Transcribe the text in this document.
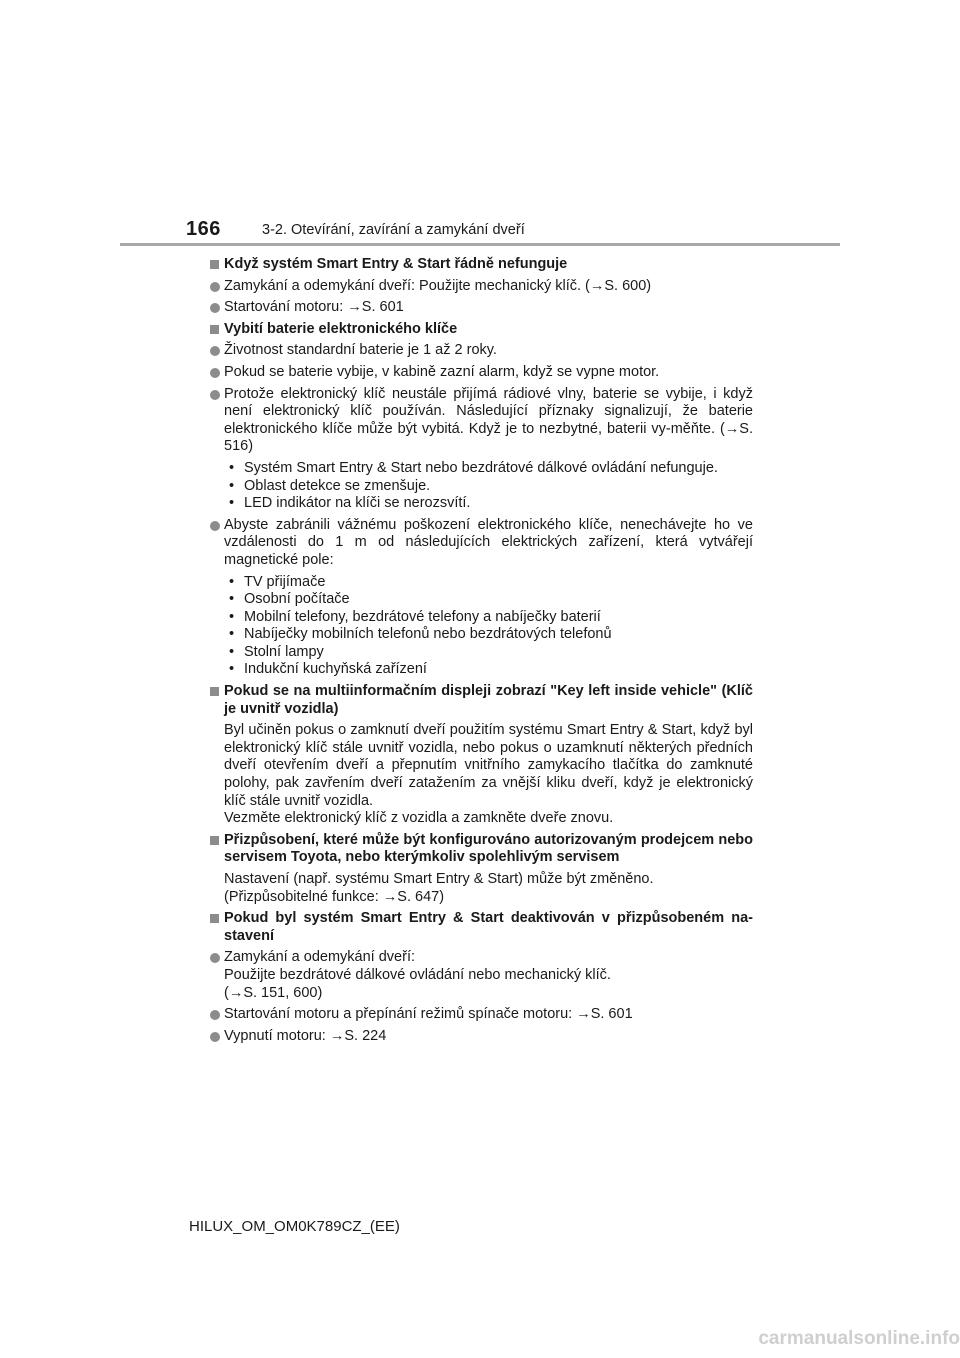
166	3-2. Otevírání, zavírání a zamykání dveří
Když systém Smart Entry & Start řádně nefunguje
Zamykání a odemykání dveří: Použijte mechanický klíč. (→S. 600)
Startování motoru: →S. 601
Vybití baterie elektronického klíče
Životnost standardní baterie je 1 až 2 roky.
Pokud se baterie vybije, v kabině zazní alarm, když se vypne motor.
Protože elektronický klíč neustále přijímá rádiové vlny, baterie se vybije, i když není elektronický klíč používán. Následující příznaky signalizují, že baterie elektronického klíče může být vybitá. Když je to nezbytné, baterii vy-měňte. (→S. 516)
• Systém Smart Entry & Start nebo bezdrátové dálkové ovládání nefunguje.
• Oblast detekce se zmenšuje.
• LED indikátor na klíči se nerozsvítí.
Abyste zabránili vážnému poškození elektronického klíče, nenechávejte ho ve vzdálenosti do 1 m od následujících elektrických zařízení, která vytvářejí magnetické pole:
• TV přijímače
• Osobní počítače
• Mobilní telefony, bezdrátové telefony a nabíječky baterií
• Nabíječky mobilních telefonů nebo bezdrátových telefonů
• Stolní lampy
• Indukční kuchyňská zařízení
Pokud se na multiinformačním displeji zobrazí "Key left inside vehicle" (Klíč je uvnitř vozidla)
Byl učiněn pokus o zamknutí dveří použitím systému Smart Entry & Start, když byl elektronický klíč stále uvnitř vozidla, nebo pokus o uzamknutí některých předních dveří otevřením dveří a přepnutím vnitřního zamykacího tlačítka do zamknuté polohy, pak zavřením dveří zatažením za vnější kliku dveří, když je elektronický klíč stále uvnitř vozidla.
Vezměte elektronický klíč z vozidla a zamkněte dveře znovu.
Přizpůsobení, které může být konfigurováno autorizovaným prodejcem nebo servisem Toyota, nebo kterýmkoliv spolehlivým servisem
Nastavení (např. systému Smart Entry & Start) může být změněno.
(Přizpůsobitelné funkce: →S. 647)
Pokud byl systém Smart Entry & Start deaktivován v přizpůsobeném na-stavení
Zamykání a odemykání dveří:
Použijte bezdrátové dálkové ovládání nebo mechanický klíč.
(→S. 151, 600)
Startování motoru a přepínání režimů spínače motoru: →S. 601
Vypnutí motoru: →S. 224
HILUX_OM_OM0K789CZ_(EE)
carmanualsonline.info
